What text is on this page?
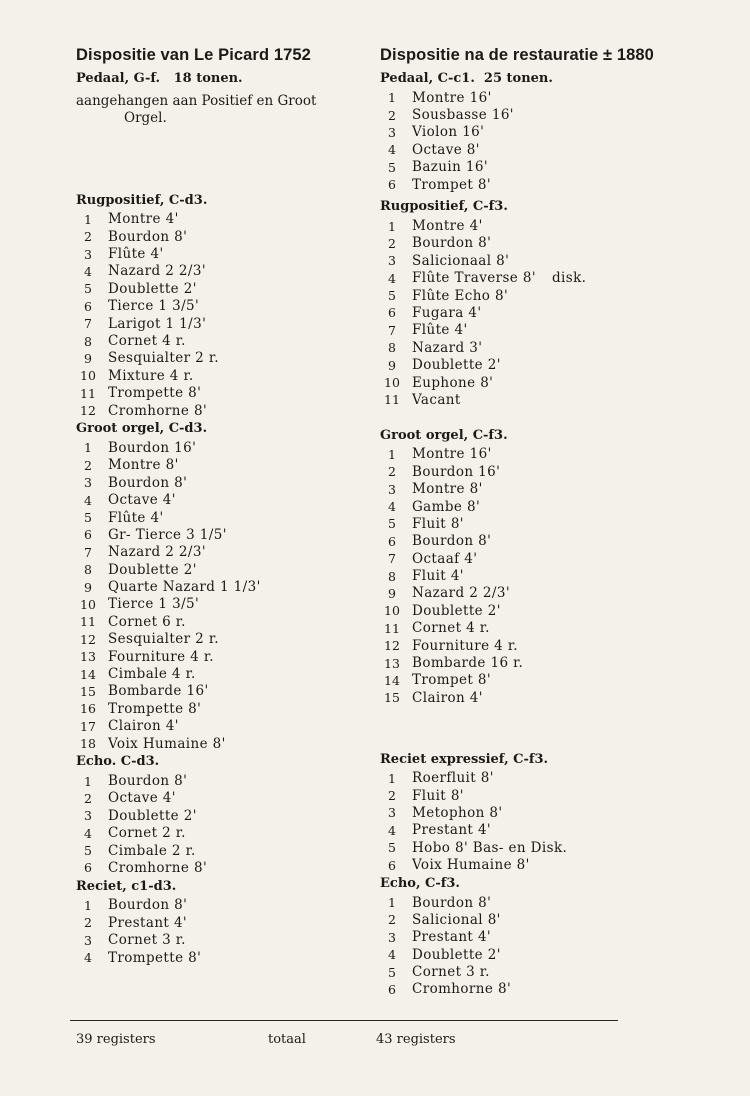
Dispositie van Le Picard 1752
Pedaal, G-f.   18 tonen.
aangehangen aan Positief en Groot
Orgel.
Rugpositief, C-d3.
1	Montre 4'
2	Bourdon 8'
3	Flûte 4'
4	Nazard 2 2/3'
5	Doublette 2'
6	Tierce 1 3/5'
7	Larigot 1 1/3'
8	Cornet 4 r.
9	Sesquialter 2 r.
10 Mixture 4 r.
11 Trompette 8'
12 Cromhorne 8'
Groot orgel, C-d3.
1	Bourdon 16'
2	Montre 8'
3	Bourdon 8'
4	Octave 4'
5	Flûte 4'
6	Gr- Tierce 3 1/5'
7	Nazard 2 2/3'
8	Doublette 2'
9	Quarte Nazard 1 1/3'
10 Tierce 1 3/5'
11 Cornet 6 r.
12 Sesquialter 2 r.
13 Fourniture 4 r.
14 Cimbale 4 r.
15 Bombarde 16'
16 Trompette 8'
17 Clairon 4'
18 Voix Humaine 8'
Echo. C-d3.
1	Bourdon 8'
2	Octave 4'
3	Doublette 2'
4	Cornet 2 r.
5	Cimbale 2 r.
6	Cromhorne 8'
Reciet, c1-d3.
1	Bourdon 8'
2	Prestant 4'
3	Cornet 3 r.
4	Trompette 8'
Dispositie na de restauratie ± 1880
Pedaal, C-c1.  25 tonen.
1	Montre 16'
2	Sousbasse 16'
3	Violon 16'
4	Octave 8'
5	Bazuin 16'
6	Trompet 8'
Rugpositief, C-f3.
1	Montre 4'
2	Bourdon 8'
3	Salicionaal 8'
4	Flûte Traverse 8' disk.
5	Flûte Echo 8'
6	Fugara 4'
7	Flûte 4'
8	Nazard 3'
9	Doublette 2'
10 Euphone 8'
11 Vacant
Groot orgel, C-f3.
1	Montre 16'
2	Bourdon 16'
3	Montre 8'
4	Gambe 8'
5	Fluit 8'
6	Bourdon 8'
7	Octaaf 4'
8	Fluit 4'
9	Nazard 2 2/3'
10 Doublette 2'
11 Cornet 4 r.
12 Fourniture 4 r.
13 Bombarde 16 r.
14 Trompet 8'
15 Clairon 4'
Reciet expressief, C-f3.
1	Roerfluit 8'
2	Fluit 8'
3	Metophon 8'
4	Prestant 4'
5	Hobo 8' Bas- en Disk.
6	Voix Humaine 8'
Echo, C-f3.
1	Bourdon 8'
2	Salicional 8'
3	Prestant 4'
4	Doublette 2'
5	Cornet 3 r.
6	Cromhorne 8'
39 registers	totaal	43 registers
